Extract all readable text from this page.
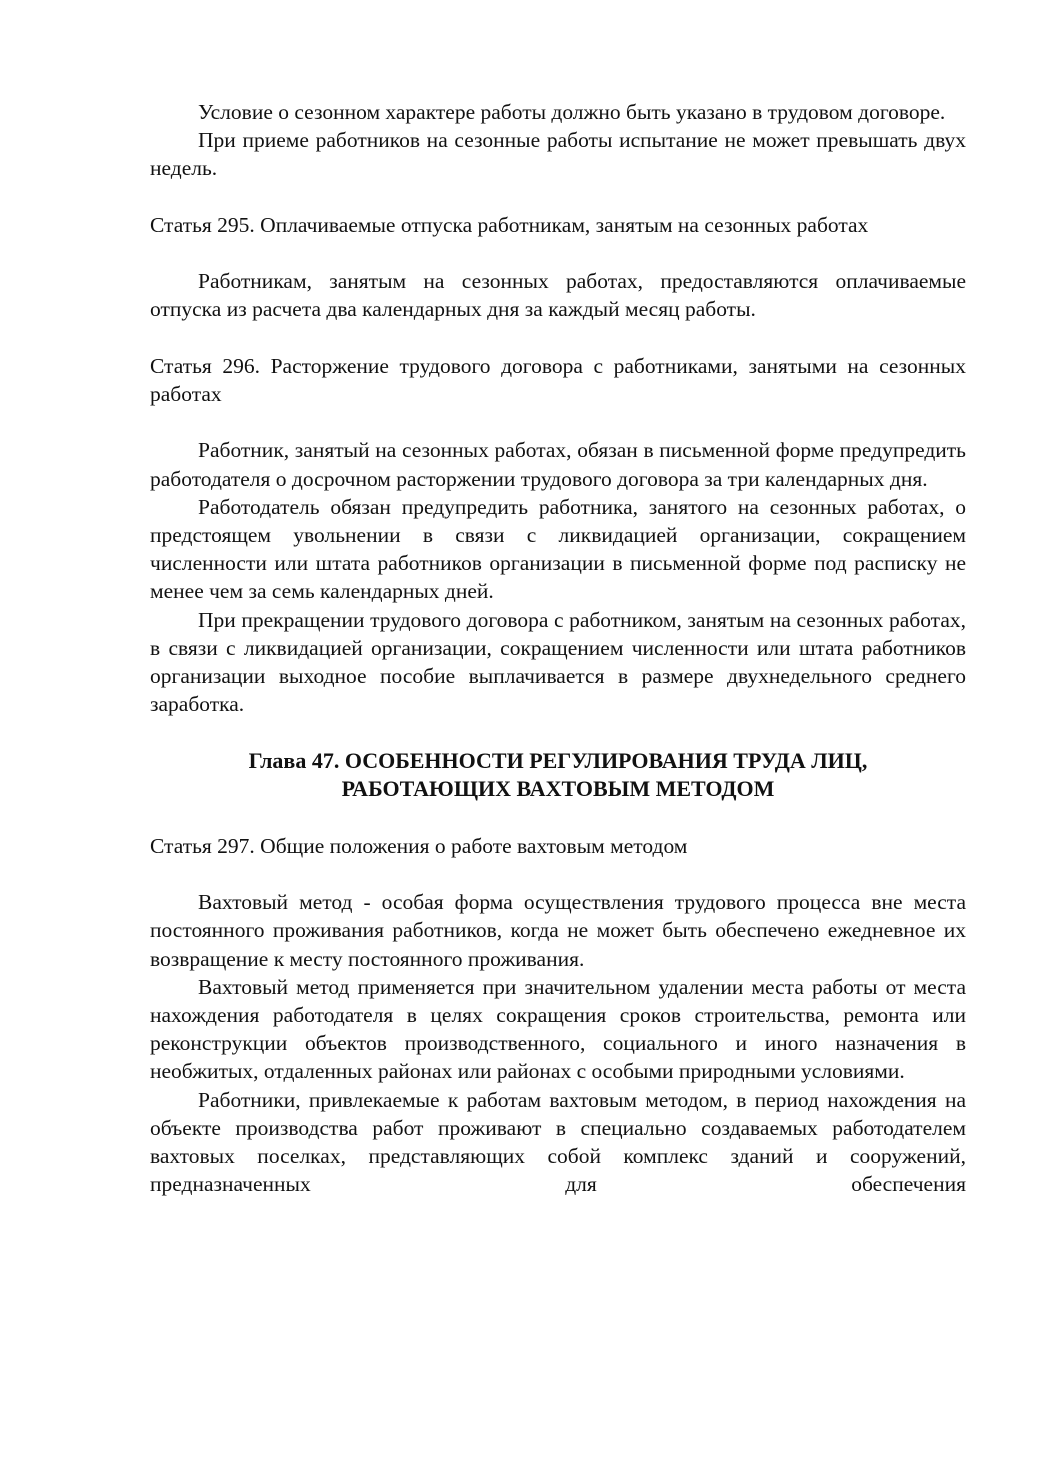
Условие о сезонном характере работы должно быть указано в трудовом договоре.

При приеме работников на сезонные работы испытание не может превышать двух недель.

Статья 295. Оплачиваемые отпуска работникам, занятым на сезонных работах

Работникам, занятым на сезонных работах, предоставляются оплачиваемые отпуска из расчета два календарных дня за каждый месяц работы.

Статья 296. Расторжение трудового договора с работниками, занятыми на сезонных работах

Работник, занятый на сезонных работах, обязан в письменной форме предупредить работодателя о досрочном расторжении трудового договора за три календарных дня.

Работодатель обязан предупредить работника, занятого на сезонных работах, о предстоящем увольнении в связи с ликвидацией организации, сокращением численности или штата работников организации в письменной форме под расписку не менее чем за семь календарных дней.

При прекращении трудового договора с работником, занятым на сезонных работах, в связи с ликвидацией организации, сокращением численности или штата работников организации выходное пособие выплачивается в размере двухнедельного среднего заработка.

Глава 47. ОСОБЕННОСТИ РЕГУЛИРОВАНИЯ ТРУДА ЛИЦ,

РАБОТАЮЩИХ ВАХТОВЫМ МЕТОДОМ

Статья 297. Общие положения о работе вахтовым методом

Вахтовый метод - особая форма осуществления трудового процесса вне места постоянного проживания работников, когда не может быть обеспечено ежедневное их возвращение к месту постоянного проживания.

Вахтовый метод применяется при значительном удалении места работы от места нахождения работодателя в целях сокращения сроков строительства, ремонта или реконструкции объектов производственного, социального и иного назначения в необжитых, отдаленных районах или районах с особыми природными условиями.

Работники, привлекаемые к работам вахтовым методом, в период нахождения на объекте производства работ проживают в специально создаваемых работодателем вахтовых поселках, представляющих собой комплекс зданий и сооружений, предназначенных для обеспечения
